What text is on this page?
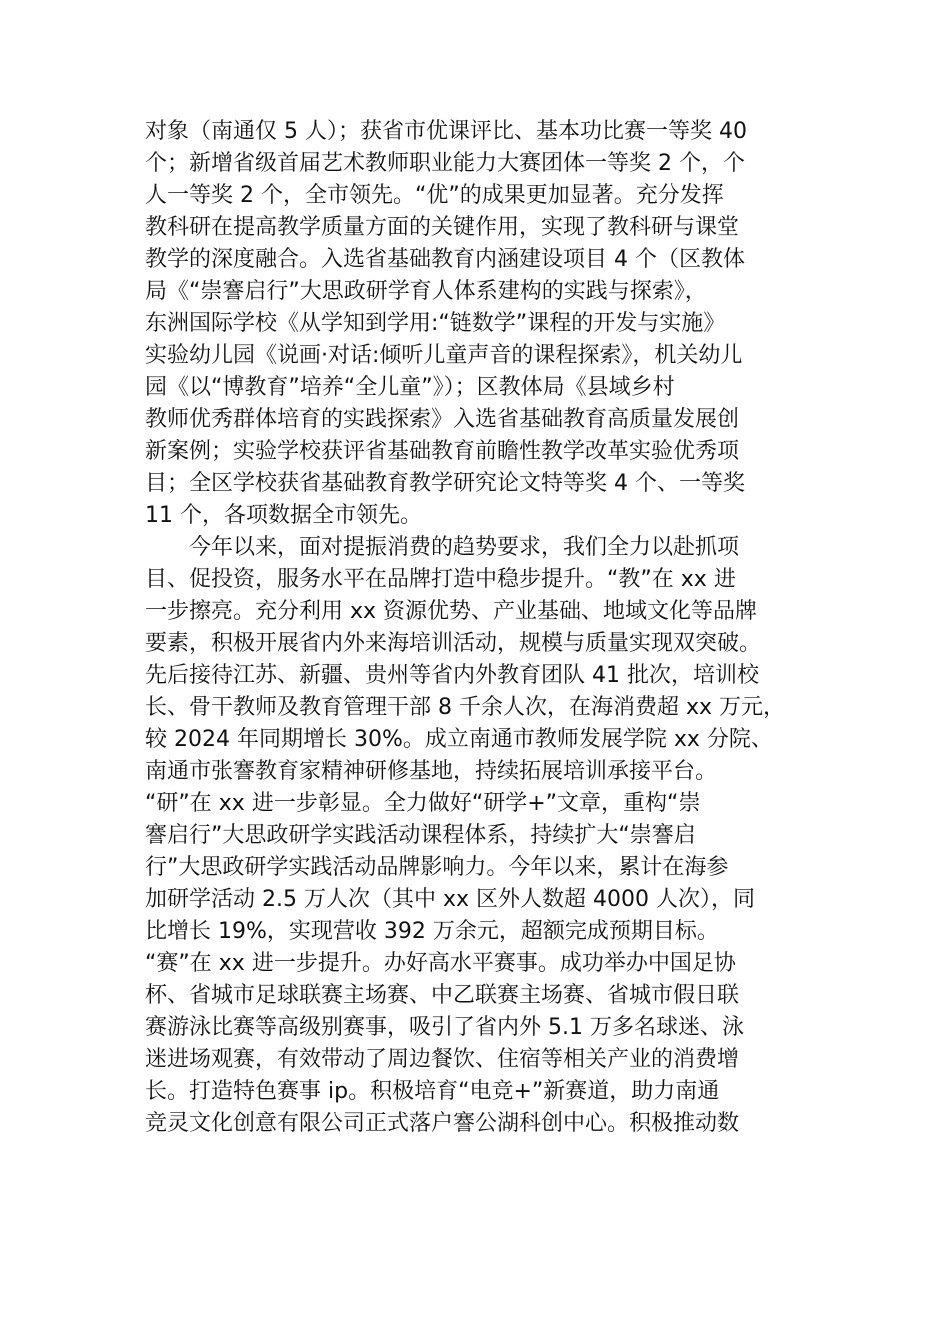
对象（南通仅 5 人）；获省市优课评比、基本功比赛一等奖 40
个；新增省级首届艺术教师职业能力大赛团体一等奖 2 个，个
人一等奖 2 个，全市领先。“优”的成果更加显著。充分发挥
教科研在提高教学质量方面的关键作用，实现了教科研与课堂
教学的深度融合。入选省基础教育内涵建设项目 4 个（区教体
局《“崇謇启行”大思政研学育人体系建构的实践与探索》，
东洲国际学校《从学知到学用:“链数学”课程的开发与实施》
实验幼儿园《说画·对话:倾听儿童声音的课程探索》，机关幼儿
园《以“博教育”培养“全儿童”》）；区教体局《县域乡村
教师优秀群体培育的实践探索》入选省基础教育高质量发展创
新案例；实验学校获评省基础教育前瞻性教学改革实验优秀项
目；全区学校获省基础教育教学研究论文特等奖 4 个、一等奖
11 个，各项数据全市领先。
今年以来，面对提振消费的趋势要求，我们全力以赴抓项
目、促投资，服务水平在品牌打造中稳步提升。“教”在 xx 进
一步擦亮。充分利用 xx 资源优势、产业基础、地域文化等品牌
要素，积极开展省内外来海培训活动，规模与质量实现双突破。
先后接待江苏、新疆、贵州等省内外教育团队 41 批次，培训校
长、骨干教师及教育管理干部 8 千余人次，在海消费超 xx 万元，
较 2024 年同期增长 30%。成立南通市教师发展学院 xx 分院、
南通市张謇教育家精神研修基地，持续拓展培训承接平台。
“研”在 xx 进一步彰显。全力做好“研学+”文章，重构“崇
謇启行”大思政研学实践活动课程体系，持续扩大“崇謇启
行”大思政研学实践活动品牌影响力。今年以来，累计在海参
加研学活动 2.5 万人次（其中 xx 区外人数超 4000 人次），同
比增长 19%，实现营收 392 万余元，超额完成预期目标。
“赛”在 xx 进一步提升。办好高水平赛事。成功举办中国足协
杯、省城市足球联赛主场赛、中乙联赛主场赛、省城市假日联
赛游泳比赛等高级别赛事，吸引了省内外 5.1 万多名球迷、泳
迷进场观赛，有效带动了周边餐饮、住宿等相关产业的消费增
长。打造特色赛事 ip。积极培育“电竞+”新赛道，助力南通
竞灵文化创意有限公司正式落户謇公湖科创中心。积极推动数
